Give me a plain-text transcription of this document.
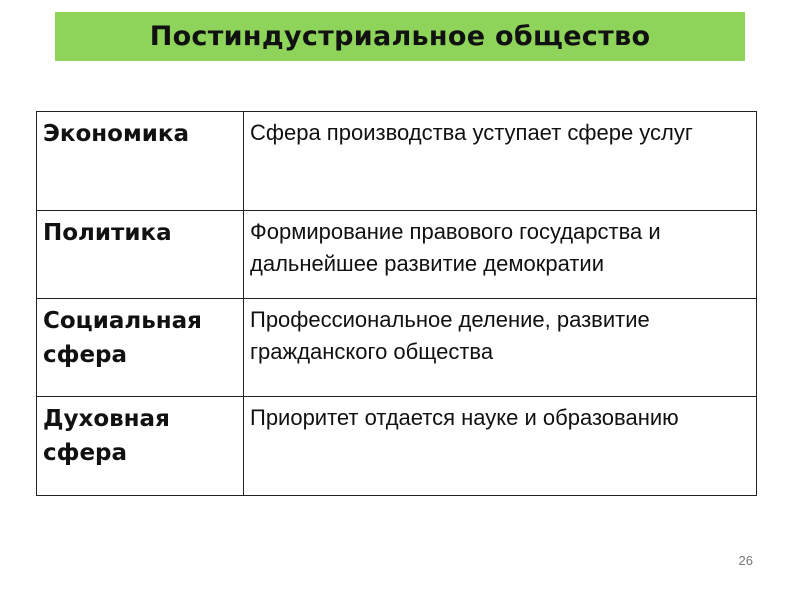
Постиндустриальное общество
Экономика	Сфера производства уступает сфере услуг
Политика	Формирование правового государства и дальнейшее развитие демократии
Социальная сфера	Профессиональное деление, развитие гражданского общества
Духовная сфера	Приоритет отдается науке и образованию
26
